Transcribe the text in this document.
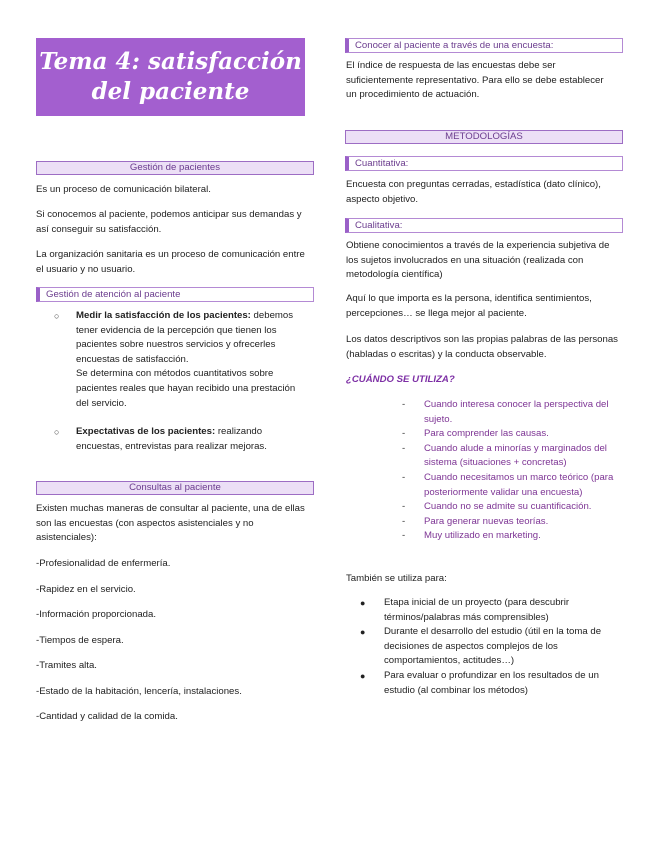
Tema 4: satisfacción
del paciente
Gestión de pacientes

Es un proceso de comunicación bilateral.

Si conocemos al paciente, podemos anticipar sus demandas y así conseguir su satisfacción.

La organización sanitaria es un proceso de comunicación entre el usuario y no usuario.

Gestión de atención al paciente
○ Medir la satisfacción de los pacientes: debemos tener evidencia de la percepción que tienen los pacientes sobre nuestros servicios y ofrecerles encuestas de satisfacción.
Se determina con métodos cuantitativos sobre pacientes reales que hayan recibido una prestación del servicio.
○ Expectativas de los pacientes: realizando encuestas, entrevistas para realizar mejoras.
Consultas al paciente

Existen muchas maneras de consultar al paciente, una de ellas son las encuestas (con aspectos asistenciales y no asistenciales):

-Profesionalidad de enfermería.
-Rapidez en el servicio.
-Información proporcionada.
-Tiempos de espera.
-Tramites alta.
-Estado de la habitación, lencería, instalaciones.
-Cantidad y calidad de la comida.
Conocer al paciente a través de una encuesta:

El índice de respuesta de las encuestas debe ser suficientemente representativo. Para ello se debe establecer un procedimiento de actuación.

METODOLOGÍAS
Cuantitativa:

Encuesta con preguntas cerradas, estadística (dato clínico), aspecto objetivo.

Cualitativa:

Obtiene conocimientos a través de la experiencia subjetiva de los sujetos involucrados en una situación (realizada con metodología científica)

Aquí lo que importa es la persona, identifica sentimientos, percepciones… se llega mejor al paciente.

Los datos descriptivos son las propias palabras de las personas (habladas o escritas) y la conducta observable.

¿CUÁNDO SE UTILIZA?
- Cuando interesa conocer la perspectiva del sujeto.
- Para comprender las causas.
- Cuando alude a minorías y marginados del sistema (situaciones + concretas)
- Cuando necesitamos un marco teórico (para posteriormente validar una encuesta)
- Cuando no se admite su cuantificación.
- Para generar nuevas teorías.
- Muy utilizado en marketing.

También se utiliza para:

● Etapa inicial de un proyecto (para descubrir términos/palabras más comprensibles)
● Durante el desarrollo del estudio (útil en la toma de decisiones de aspectos complejos de los comportamientos, actitudes…)
● Para evaluar o profundizar en los resultados de un estudio (al combinar los métodos)
